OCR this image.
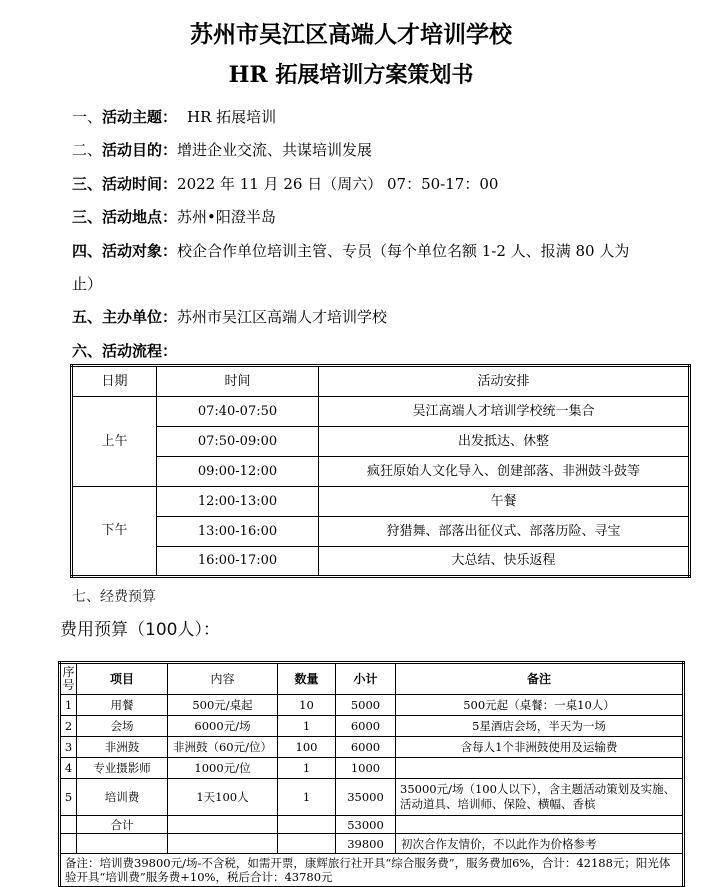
苏州市吴江区高端人才培训学校
HR 拓展培训方案策划书
一、活动主题： HR 拓展培训
二、活动目的：增进企业交流、共谋培训发展
三、活动时间：2022 年 11 月 26 日（周六） 07：50-17：00
三、活动地点：苏州•阳澄半岛
四、活动对象：校企合作单位培训主管、专员（每个单位名额 1-2 人、报满 80 人为
止）
五、主办单位：苏州市吴江区高端人才培训学校
六、活动流程：
日期	时间	活动安排
上午	07:40-07:50	吴江高端人才培训学校统一集合
	07:50-09:00	出发抵达、休整
	09:00-12:00	疯狂原始人文化导入、创建部落、非洲鼓斗鼓等
下午	12:00-13:00	午餐
	13:00-16:00	狩猎舞、部落出征仪式、部落历险、寻宝
	16:00-17:00	大总结、快乐返程
七、经费预算
费用预算（100人）：
序号	项目	内容	数量	小计	备注
1	用餐	500元/桌起	10	5000	500元起（桌餐：一桌10人）
2	会场	6000元/场	1	6000	5星酒店会场，半天为一场
3	非洲鼓	非洲鼓（60元/位）	100	6000	含每人1个非洲鼓使用及运输费
4	专业摄影师	1000元/位	1	1000	
5	培训费	1天100人	1	35000	35000元/场（100人以下），含主题活动策划及实施、活动道具、培训师、保险、横幅、香槟
	合计			53000	
				39800	初次合作友情价，不以此作为价格参考
备注：培训费39800元/场-不含税，如需开票，康辉旅行社开具“综合服务费”，服务费加6%，合计：42188元；阳光体验开具“培训费”服务费+10%，税后合计：43780元					
